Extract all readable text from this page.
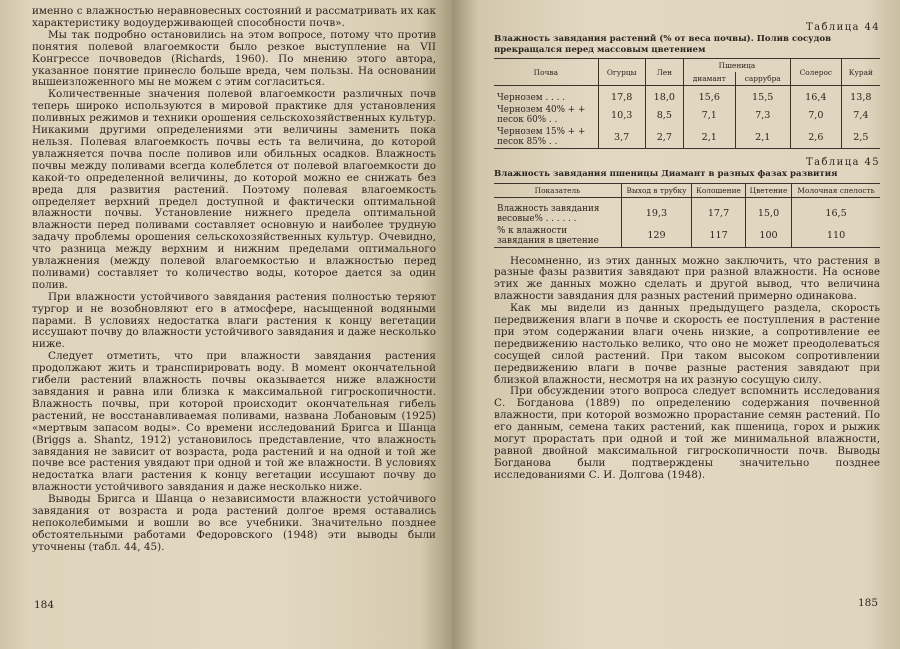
именно с влажностью неравновесных состояний и рассматривать их как характеристику водоудерживающей способности почв».

Мы так подробно остановились на этом вопросе, потому что против понятия полевой влагоемкости было резкое выступление на VII Конгрессе почвоведов (Richards, 1960). По мнению этого автора, указанное понятие принесло больше вреда, чем пользы. На основании вышеизложенного мы не можем с этим согласиться.

Количественные значения полевой влагоемкости различных почв теперь широко используются в мировой практике для установления поливных режимов и техники орошения сельскохозяйственных культур. Никакими другими определениями эти величины заменить пока нельзя. Полевая влагоемкость почвы есть та величина, до которой увлажняется почва после поливов или обильных осадков. Влажность почвы между поливами всегда колеблется от полевой влагоемкости до какой-то определенной величины, до которой можно ее снижать без вреда для развития растений. Поэтому полевая влагоемкость определяет верхний предел доступной и фактически оптимальной влажности почвы. Установление нижнего предела оптимальной влажности перед поливами составляет основную и наиболее трудную задачу проблемы орошения сельскохозяйственных культур. Очевидно, что разница между верхним и нижним пределами оптимального увлажнения (между полевой влагоемкостью и влажностью перед поливами) составляет то количество воды, которое дается за один полив.

При влажности устойчивого завядания растения полностью теряют тургор и не возобновляют его в атмосфере, насыщенной водяными парами. В условиях недостатка влаги растения к концу вегетации иссушают почву до влажности устойчивого завядания и даже несколько ниже.

Следует отметить, что при влажности завядания растения продолжают жить и транспирировать воду. В момент окончательной гибели растений влажность почвы оказывается ниже влажности завядания и равна или близка к максимальной гигроскопичности. Влажность почвы, при которой происходит окончательная гибель растений, не восстанавливаемая поливами, названа Лобановым (1925) «мертвым запасом воды». Со времени исследований Бригса и Шанца (Briggs a. Shantz, 1912) установилось представление, что влажность завядания не зависит от возраста, рода растений и на одной и той же почве все растения увядают при одной и той же влажности. В условиях недостатка влаги растения к концу вегетации иссушают почву до влажности устойчивого завядания и даже несколько ниже.

Выводы Бригса и Шанца о независимости влажности устойчивого завядания от возраста и рода растений долгое время оставались непоколебимыми и вошли во все учебники. Значительно позднее обстоятельными работами Федоровского (1948) эти выводы были уточнены (табл. 44, 45).

184

Таблица 44

Влажность завядания растений (% от веса почвы). Полив сосудов прекращался перед массовым цветением

Почва	Огурцы	Лен	Пшеница		Солерос	Курай
			диамант	саррубра		
Чернозем . . . .	17,8	18,0	15,6	15,5	16,4	13,8
Чернозем 40% + + песок 60% . .	10,3	8,5	7,1	7,3	7,0	7,4
Чернозем 15% + + песок 85% . .	3,7	2,7	2,1	2,1	2,6	2,5

Таблица 45

Влажность завядания пшеницы Диамант в разных фазах развития

Показатель	Выход в трубку	Колошение	Цветение	Молочная спелость
Влажность завядания весовые% . . . . . .	19,3	17,7	15,0	16,5
% к влажности завядания в цветение	129	117	100	110

Несомненно, из этих данных можно заключить, что растения в разные фазы развития завядают при разной влажности. На основе этих же данных можно сделать и другой вывод, что величина влажности завядания для разных растений примерно одинакова.

Как мы видели из данных предыдущего раздела, скорость передвижения влаги в почве и скорость ее поступления в растение при этом содержании влаги очень низкие, а сопротивление ее передвижению настолько велико, что оно не может преодолеваться сосущей силой растений. При таком высоком сопротивлении передвижению влаги в почве разные растения завядают при близкой влажности, несмотря на их разную сосущую силу.

При обсуждении этого вопроса следует вспомнить исследования С. Богданова (1889) по определению содержания почвенной влажности, при которой возможно прорастание семян растений. По его данным, семена таких растений, как пшеница, горох и рыжик могут прорастать при одной и той же минимальной влажности, равной двойной максимальной гигроскопичности почв. Выводы Богданова были подтверждены значительно позднее исследованиями С. И. Долгова (1948).

185
